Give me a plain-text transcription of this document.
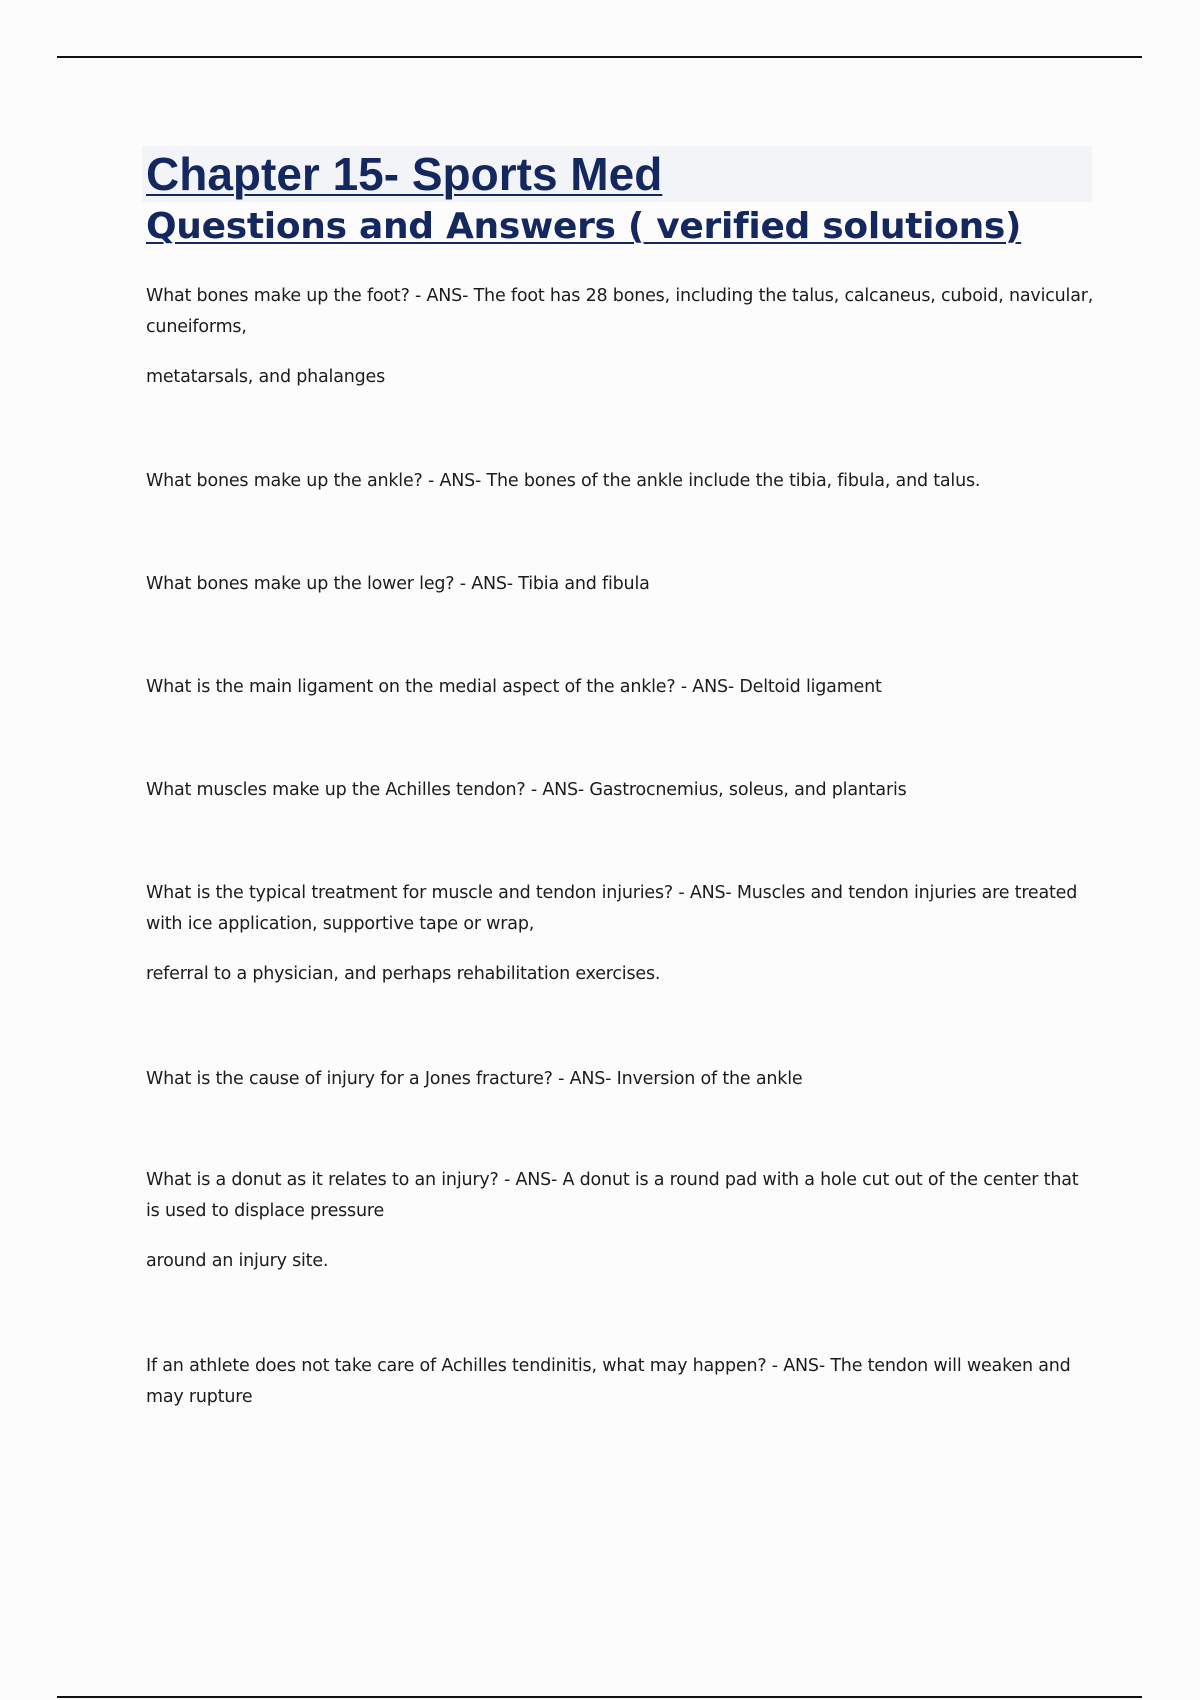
Chapter 15- Sports Med
Questions and Answers ( verified solutions)

What bones make up the foot? - ANS- The foot has 28 bones, including the talus, calcaneus, cuboid, navicular, cuneiforms,

metatarsals, and phalanges

What bones make up the ankle? - ANS- The bones of the ankle include the tibia, fibula, and talus.

What bones make up the lower leg? - ANS- Tibia and fibula

What is the main ligament on the medial aspect of the ankle? - ANS- Deltoid ligament

What muscles make up the Achilles tendon? - ANS- Gastrocnemius, soleus, and plantaris

What is the typical treatment for muscle and tendon injuries? - ANS- Muscles and tendon injuries are treated with ice application, supportive tape or wrap,

referral to a physician, and perhaps rehabilitation exercises.

What is the cause of injury for a Jones fracture? - ANS- Inversion of the ankle

What is a donut as it relates to an injury? - ANS- A donut is a round pad with a hole cut out of the center that is used to displace pressure

around an injury site.

If an athlete does not take care of Achilles tendinitis, what may happen? - ANS- The tendon will weaken and may rupture
